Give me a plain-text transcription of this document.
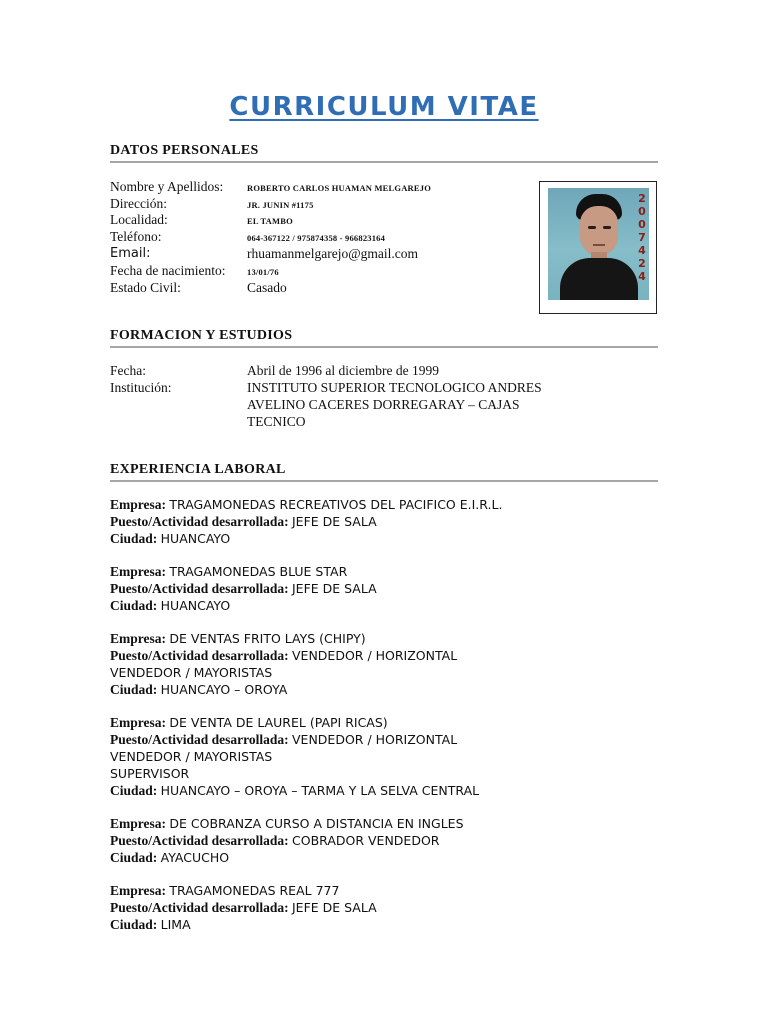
CURRICULUM VITAE
DATOS PERSONALES
Nombre y Apellidos:	ROBERTO CARLOS HUAMAN MELGAREJO
Dirección:	JR. JUNIN #1175
Localidad:	EL TAMBO
Teléfono:	064-367122 / 975874358 - 966823164
Email:	rhuamanmelgarejo@gmail.com
Fecha de nacimiento:	13/01/76
Estado Civil:	Casado
2007424
FORMACION Y ESTUDIOS
Fecha:	Abril de 1996 al diciembre de 1999
Institución:	INSTITUTO SUPERIOR TECNOLOGICO ANDRES
AVELINO CACERES DORREGARAY – CAJAS
TECNICO
EXPERIENCIA LABORAL
Empresa: TRAGAMONEDAS RECREATIVOS DEL PACIFICO E.I.R.L.
Puesto/Actividad desarrollada: JEFE DE SALA
Ciudad: HUANCAYO
Empresa: TRAGAMONEDAS BLUE STAR
Puesto/Actividad desarrollada: JEFE DE SALA
Ciudad: HUANCAYO
Empresa: DE VENTAS FRITO LAYS (CHIPY)
Puesto/Actividad desarrollada: VENDEDOR / HORIZONTAL
VENDEDOR / MAYORISTAS
Ciudad: HUANCAYO – OROYA
Empresa: DE VENTA DE LAUREL (PAPI RICAS)
Puesto/Actividad desarrollada: VENDEDOR / HORIZONTAL
VENDEDOR / MAYORISTAS
SUPERVISOR
Ciudad: HUANCAYO – OROYA – TARMA Y LA SELVA CENTRAL
Empresa: DE COBRANZA CURSO A DISTANCIA EN INGLES
Puesto/Actividad desarrollada: COBRADOR VENDEDOR
Ciudad: AYACUCHO
Empresa: TRAGAMONEDAS REAL 777
Puesto/Actividad desarrollada: JEFE DE SALA
Ciudad: LIMA
